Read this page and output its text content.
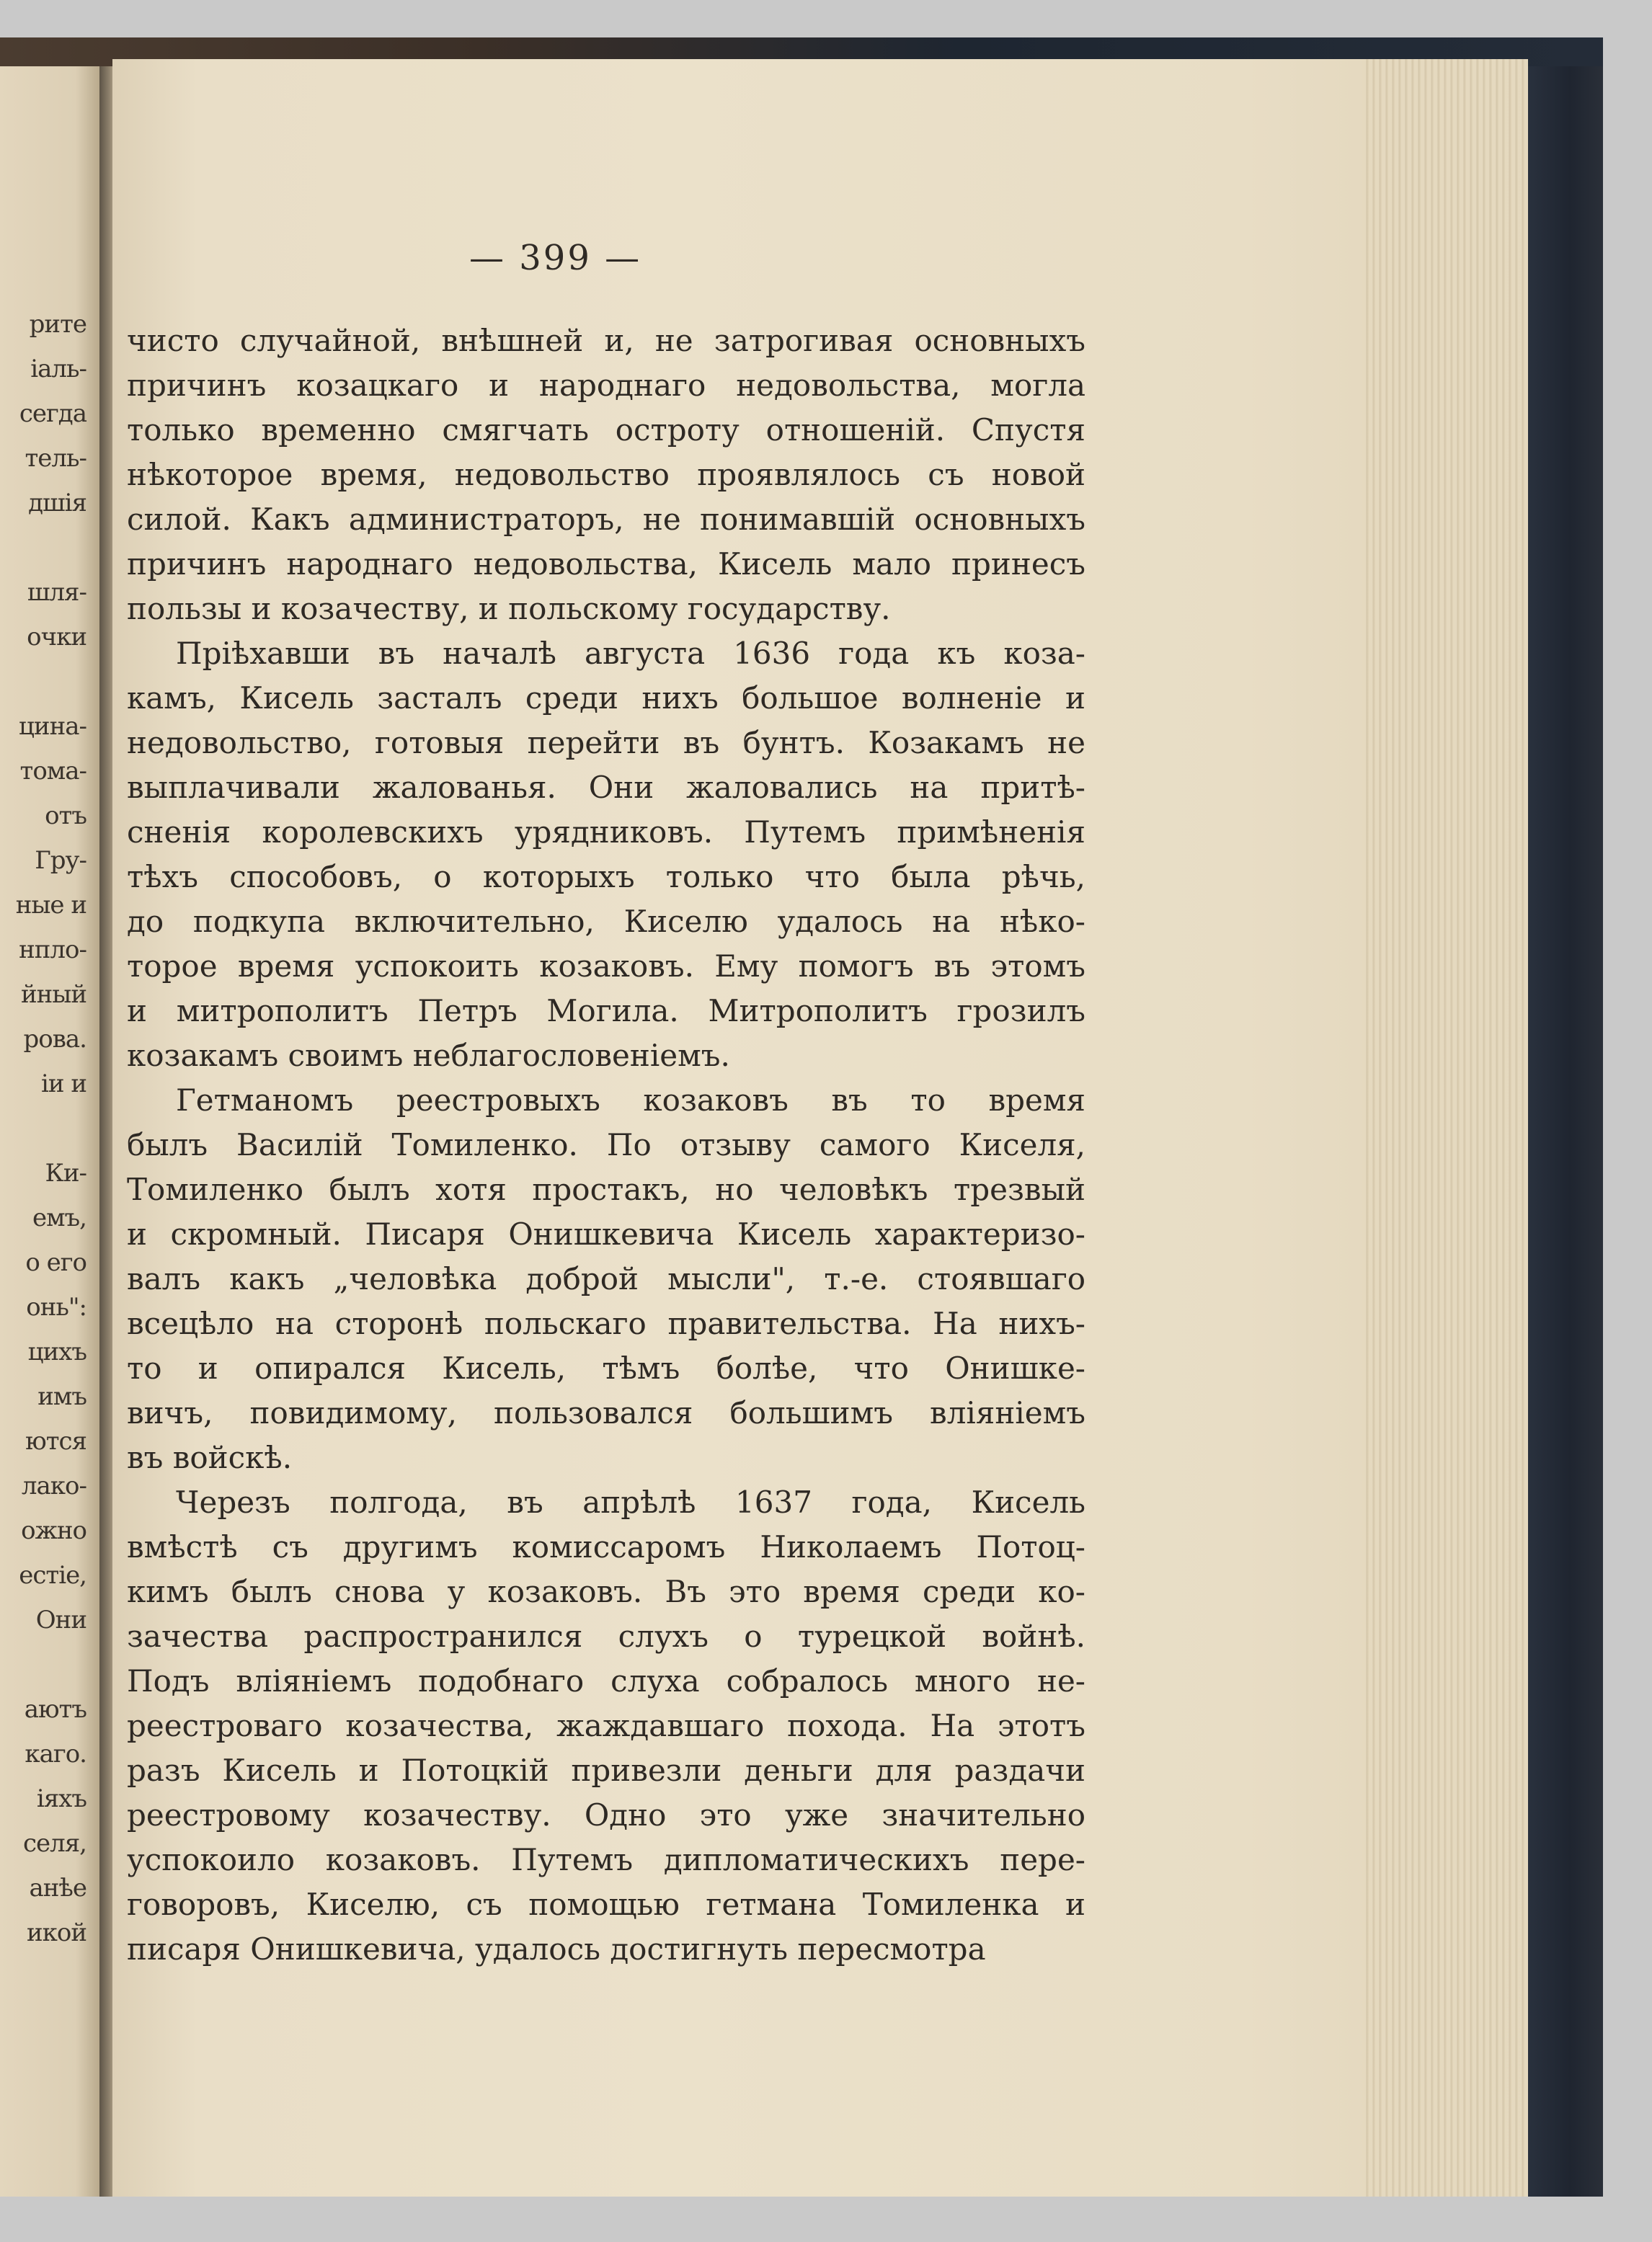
рите
іаль-
сегда
тель-
дшія
шля-
очки
цина-
тома-
отъ
Гру-
ные и
нпло-
йный
рова.
іи и
Ки-
емъ,
о его
онь":
цихъ
имъ
ются
лако-
ожно
естіе,
Они
аютъ
каго.
іяхъ
селя,
анѣе
икой
— 399 —
чисто случайной, внѣшней и, не затрогивая основныхъ
причинъ козацкаго и народнаго недовольства, могла
только временно смягчать остроту отношеній. Спустя
нѣкоторое время, недовольство проявлялось съ новой
силой. Какъ администраторъ, не понимавшій основныхъ
причинъ народнаго недовольства, Кисель мало принесъ
пользы и козачеству, и польскому государству.
Пріѣхавши въ началѣ августа 1636 года къ коза-
камъ, Кисель засталъ среди нихъ большое волненіе и
недовольство, готовыя перейти въ бунтъ. Козакамъ не
выплачивали жалованья. Они жаловались на притѣ-
сненія королевскихъ урядниковъ. Путемъ примѣненія
тѣхъ способовъ, о которыхъ только что была рѣчь,
до подкупа включительно, Киселю удалось на нѣко-
торое время успокоить козаковъ. Ему помогъ въ этомъ
и митрополитъ Петръ Могила. Митрополитъ грозилъ
козакамъ своимъ неблагословеніемъ.
Гетманомъ реестровыхъ козаковъ въ то время
былъ Василій Томиленко. По отзыву самого Киселя,
Томиленко былъ хотя простакъ, но человѣкъ трезвый
и скромный. Писаря Онишкевича Кисель характеризо-
валъ какъ „человѣка доброй мысли", т.-е. стоявшаго
всецѣло на сторонѣ польскаго правительства. На нихъ-
то и опирался Кисель, тѣмъ болѣе, что Онишке-
вичъ, повидимому, пользовался большимъ вліяніемъ
въ войскѣ.
Черезъ полгода, въ апрѣлѣ 1637 года, Кисель
вмѣстѣ съ другимъ комиссаромъ Николаемъ Потоц-
кимъ былъ снова у козаковъ. Въ это время среди ко-
зачества распространился слухъ о турецкой войнѣ.
Подъ вліяніемъ подобнаго слуха собралось много не-
реестроваго козачества, жаждавшаго похода. На этотъ
разъ Кисель и Потоцкій привезли деньги для раздачи
реестровому козачеству. Одно это уже значительно
успокоило козаковъ. Путемъ дипломатическихъ пере-
говоровъ, Киселю, съ помощью гетмана Томиленка и
писаря Онишкевича, удалось достигнуть пересмотра
